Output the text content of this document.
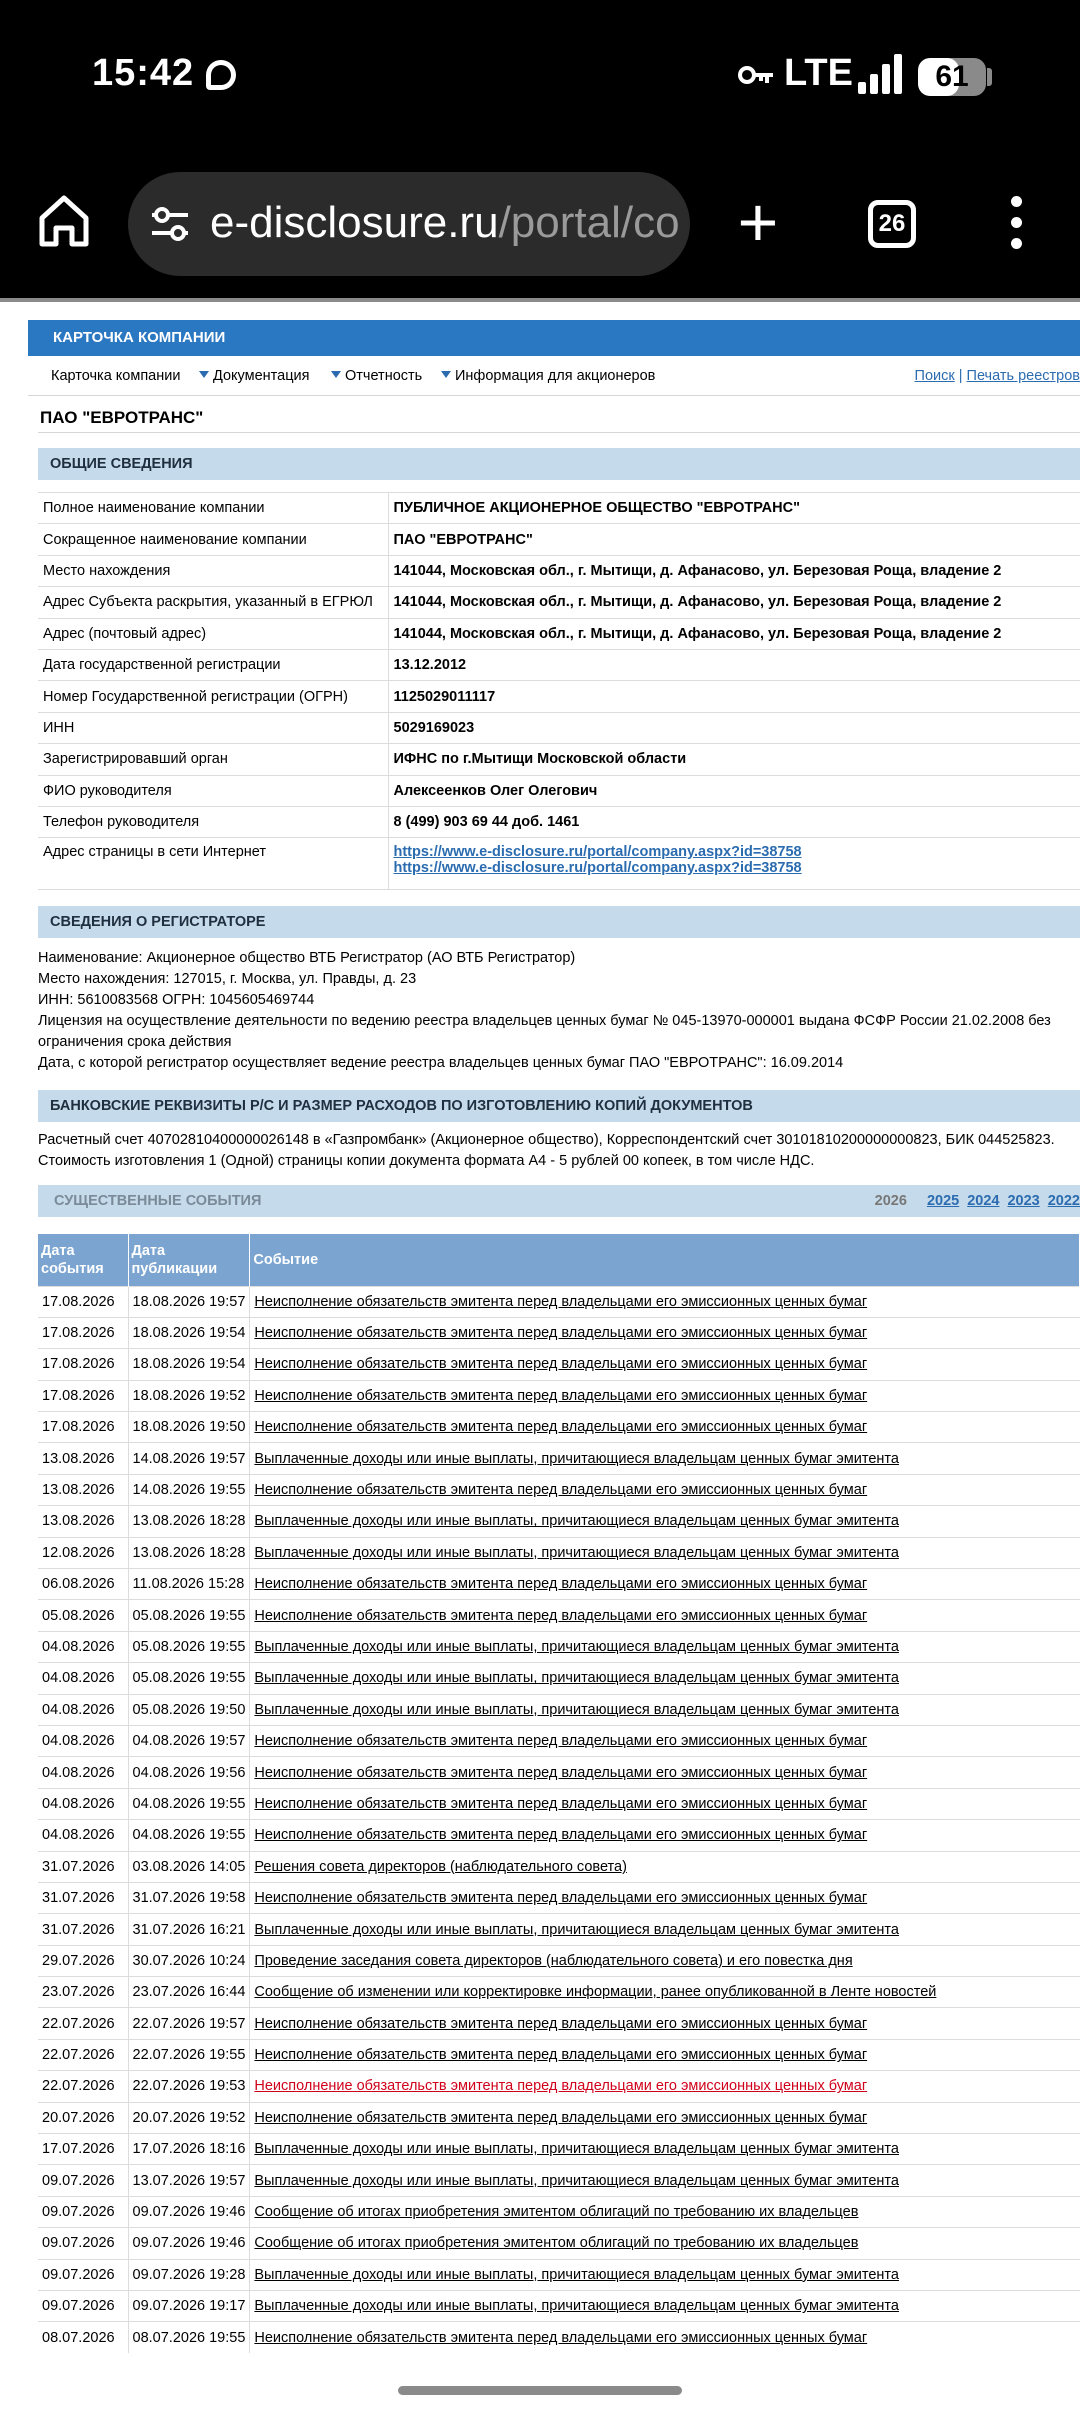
15:42	LTE	61
e-disclosure.ru/portal/co +	26
КАРТОЧКА КОМПАНИИ
Карточка компании	Документация	Отчетность	Информация для акционеров	Поиск | Печать реестров
ПАО "ЕВРОТРАНС"
ОБЩИЕ СВЕДЕНИЯ
Полное наименование компании	ПУБЛИЧНОЕ АКЦИОНЕРНОЕ ОБЩЕСТВО "ЕВРОТРАНС"
Сокращенное наименование компании	ПАО "ЕВРОТРАНС"
Место нахождения	141044, Московская обл., г. Мытищи, д. Афанасово, ул. Березовая Роща, владение 2
Адрес Субъекта раскрытия, указанный в ЕГРЮЛ	141044, Московская обл., г. Мытищи, д. Афанасово, ул. Березовая Роща, владение 2
Адрес (почтовый адрес)	141044, Московская обл., г. Мытищи, д. Афанасово, ул. Березовая Роща, владение 2
Дата государственной регистрации	13.12.2012
Номер Государственной регистрации (ОГРН)	1125029011117
ИНН	5029169023
Зарегистрировавший орган	ИФНС по г.Мытищи Московской области
ФИО руководителя	Алексеенков Олег Олегович
Телефон руководителя	8 (499) 903 69 44 доб. 1461
Адрес страницы в сети Интернет	https://www.e-disclosure.ru/portal/company.aspx?id=38758
https://www.e-disclosure.ru/portal/company.aspx?id=38758
СВЕДЕНИЯ О РЕГИСТРАТОРЕ
Наименование: Акционерное общество ВТБ Регистратор (АО ВТБ Регистратор)
Место нахождения: 127015, г. Москва, ул. Правды, д. 23
ИНН: 5610083568 ОГРН: 1045605469744
Лицензия на осуществление деятельности по ведению реестра владельцев ценных бумаг № 045-13970-000001 выдана ФСФР России 21.02.2008 без
ограничения срока действия
Дата, с которой регистратор осуществляет ведение реестра владельцев ценных бумаг ПАО "ЕВРОТРАНС": 16.09.2014
БАНКОВСКИЕ РЕКВИЗИТЫ Р/С И РАЗМЕР РАСХОДОВ ПО ИЗГОТОВЛЕНИЮ КОПИЙ ДОКУМЕНТОВ
Расчетный счет 40702810400000026148 в «Газпромбанк» (Акционерное общество), Корреспондентский счет 30101810200000000823, БИК 044525823.
Стоимость изготовления 1 (Одной) страницы копии документа формата А4 - 5 рублей 00 копеек, в том числе НДС.
СУЩЕСТВЕННЫЕ СОБЫТИЯ	2026 2025 2024 2023 2022
Дата события	Дата публикации	Событие
17.08.2026	18.08.2026 19:57	Неисполнение обязательств эмитента перед владельцами его эмиссионных ценных бумаг
17.08.2026	18.08.2026 19:54	Неисполнение обязательств эмитента перед владельцами его эмиссионных ценных бумаг
17.08.2026	18.08.2026 19:54	Неисполнение обязательств эмитента перед владельцами его эмиссионных ценных бумаг
17.08.2026	18.08.2026 19:52	Неисполнение обязательств эмитента перед владельцами его эмиссионных ценных бумаг
17.08.2026	18.08.2026 19:50	Неисполнение обязательств эмитента перед владельцами его эмиссионных ценных бумаг
13.08.2026	14.08.2026 19:57	Выплаченные доходы или иные выплаты, причитающиеся владельцам ценных бумаг эмитента
13.08.2026	14.08.2026 19:55	Неисполнение обязательств эмитента перед владельцами его эмиссионных ценных бумаг
13.08.2026	13.08.2026 18:28	Выплаченные доходы или иные выплаты, причитающиеся владельцам ценных бумаг эмитента
12.08.2026	13.08.2026 18:28	Выплаченные доходы или иные выплаты, причитающиеся владельцам ценных бумаг эмитента
06.08.2026	11.08.2026 15:28	Неисполнение обязательств эмитента перед владельцами его эмиссионных ценных бумаг
05.08.2026	05.08.2026 19:55	Неисполнение обязательств эмитента перед владельцами его эмиссионных ценных бумаг
04.08.2026	05.08.2026 19:55	Выплаченные доходы или иные выплаты, причитающиеся владельцам ценных бумаг эмитента
04.08.2026	05.08.2026 19:55	Выплаченные доходы или иные выплаты, причитающиеся владельцам ценных бумаг эмитента
04.08.2026	05.08.2026 19:50	Выплаченные доходы или иные выплаты, причитающиеся владельцам ценных бумаг эмитента
04.08.2026	04.08.2026 19:57	Неисполнение обязательств эмитента перед владельцами его эмиссионных ценных бумаг
04.08.2026	04.08.2026 19:56	Неисполнение обязательств эмитента перед владельцами его эмиссионных ценных бумаг
04.08.2026	04.08.2026 19:55	Неисполнение обязательств эмитента перед владельцами его эмиссионных ценных бумаг
04.08.2026	04.08.2026 19:55	Неисполнение обязательств эмитента перед владельцами его эмиссионных ценных бумаг
31.07.2026	03.08.2026 14:05	Решения совета директоров (наблюдательного совета)
31.07.2026	31.07.2026 19:58	Неисполнение обязательств эмитента перед владельцами его эмиссионных ценных бумаг
31.07.2026	31.07.2026 16:21	Выплаченные доходы или иные выплаты, причитающиеся владельцам ценных бумаг эмитента
29.07.2026	30.07.2026 10:24	Проведение заседания совета директоров (наблюдательного совета) и его повестка дня
23.07.2026	23.07.2026 16:44	Сообщение об изменении или корректировке информации, ранее опубликованной в Ленте новостей
22.07.2026	22.07.2026 19:57	Неисполнение обязательств эмитента перед владельцами его эмиссионных ценных бумаг
22.07.2026	22.07.2026 19:55	Неисполнение обязательств эмитента перед владельцами его эмиссионных ценных бумаг
22.07.2026	22.07.2026 19:53	Неисполнение обязательств эмитента перед владельцами его эмиссионных ценных бумаг
20.07.2026	20.07.2026 19:52	Неисполнение обязательств эмитента перед владельцами его эмиссионных ценных бумаг
17.07.2026	17.07.2026 18:16	Выплаченные доходы или иные выплаты, причитающиеся владельцам ценных бумаг эмитента
09.07.2026	13.07.2026 19:57	Выплаченные доходы или иные выплаты, причитающиеся владельцам ценных бумаг эмитента
09.07.2026	09.07.2026 19:46	Сообщение об итогах приобретения эмитентом облигаций по требованию их владельцев
09.07.2026	09.07.2026 19:46	Сообщение об итогах приобретения эмитентом облигаций по требованию их владельцев
09.07.2026	09.07.2026 19:28	Выплаченные доходы или иные выплаты, причитающиеся владельцам ценных бумаг эмитента
09.07.2026	09.07.2026 19:17	Выплаченные доходы или иные выплаты, причитающиеся владельцам ценных бумаг эмитента
08.07.2026	08.07.2026 19:55	Неисполнение обязательств эмитента перед владельцами его эмиссионных ценных бумаг
